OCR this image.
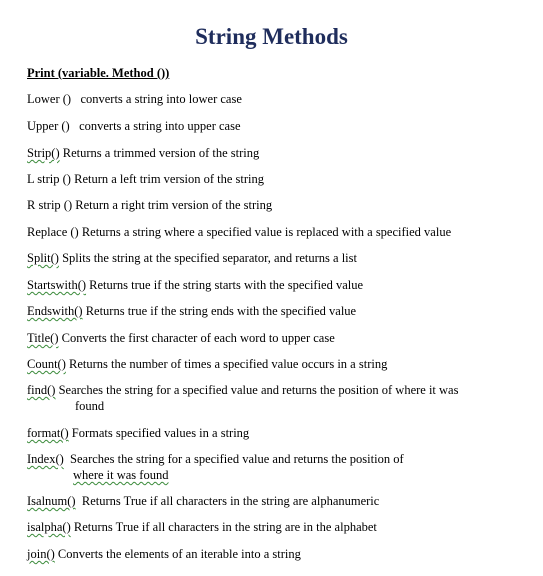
String Methods
Print (variable. Method ())
Lower () converts a string into lower case
Upper () converts a string into upper case
Strip() Returns a trimmed version of the string
L strip () Return a left trim version of the string
R strip () Return a right trim version of the string
Replace () Returns a string where a specified value is replaced with a specified value
Split() Splits the string at the specified separator, and returns a list
Startswith() Returns true if the string starts with the specified value
Endswith() Returns true if the string ends with the specified value
Title() Converts the first character of each word to upper case
Count() Returns the number of times a specified value occurs in a string
find() Searches the string for a specified value and returns the position of where it was
found
format() Formats specified values in a string
Index() Searches the string for a specified value and returns the position of
where it was found
Isalnum() Returns True if all characters in the string are alphanumeric
isalpha() Returns True if all characters in the string are in the alphabet
join() Converts the elements of an iterable into a string
